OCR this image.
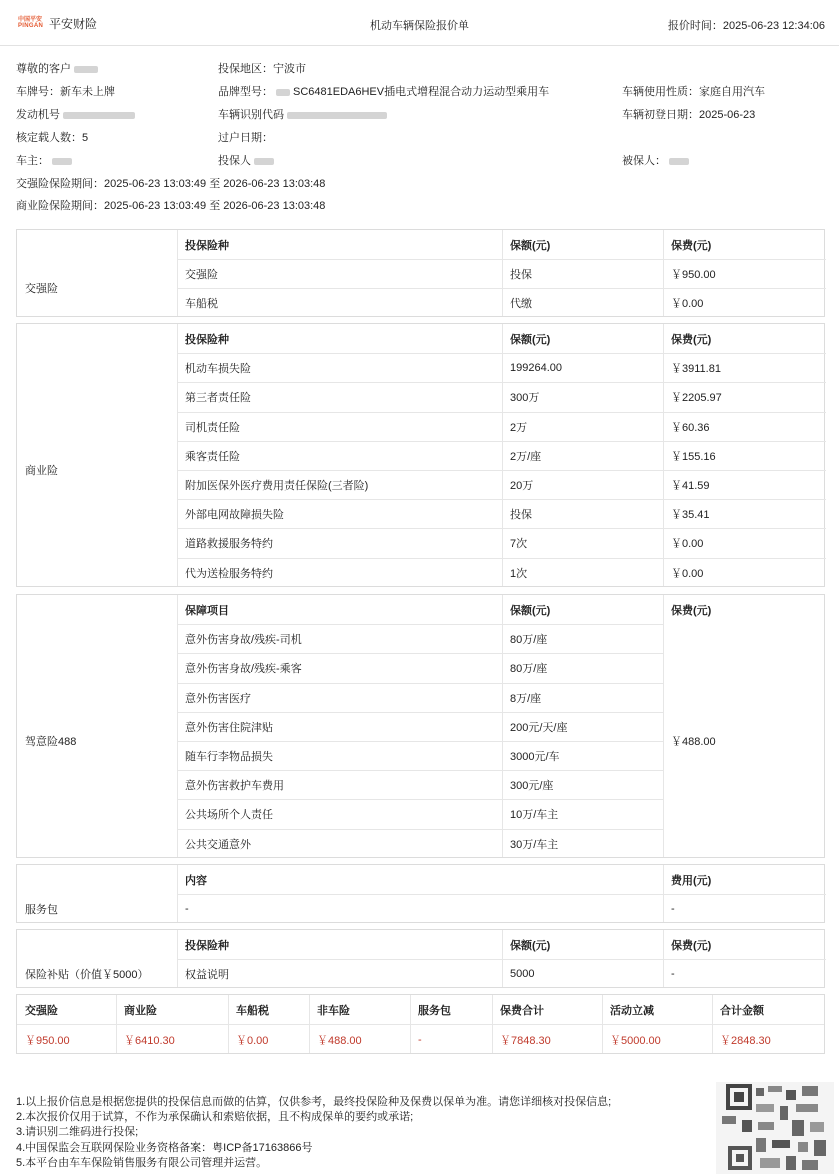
中国平安
PINGAN 平安财险	机动车辆保险报价单	报价时间：2025-06-23 12:34:06
尊敬的客户	投保地区：宁波市
车牌号：新车未上牌	品牌型号： SC6481EDA6HEV插电式增程混合动力运动型乘用车	车辆使用性质：家庭自用汽车
发动机号	车辆识别代码	车辆初登日期：2025-06-23
核定载人数：5	过户日期：
车主：	投保人	被保人：
交强险保险期间：2025-06-23 13:03:49 至 2026-06-23 13:03:48
商业险保险期间：2025-06-23 13:03:49 至 2026-06-23 13:03:48
交强险
投保险种	保额(元)	保费(元)
交强险	投保	￥950.00
车船税	代缴	￥0.00
商业险
投保险种	保额(元)	保费(元)
机动车损失险	199264.00	￥3911.81
第三者责任险	300万	￥2205.97
司机责任险	2万	￥60.36
乘客责任险	2万/座	￥155.16
附加医保外医疗费用责任保险(三者险)	20万	￥41.59
外部电网故障损失险	投保	￥35.41
道路救援服务特约	7次	￥0.00
代为送检服务特约	1次	￥0.00
驾意险488	￥488.00
保障项目	保额(元)	保费(元)
意外伤害身故/残疾-司机	80万/座
意外伤害身故/残疾-乘客	80万/座
意外伤害医疗	8万/座
意外伤害住院津贴	200元/天/座
随车行李物品损失	3000元/车
意外伤害救护车费用	300元/座
公共场所个人责任	10万/车主
公共交通意外	30万/车主
服务包
内容	费用(元)
-	-
保险补贴（价值￥5000）
投保险种	保额(元)	保费(元)
权益说明	5000	-
交强险	商业险	车船税	非车险	服务包	保费合计	活动立减	合计金额
￥950.00	￥6410.30	￥0.00	￥488.00	-	￥7848.30	￥5000.00	￥2848.30
1.以上报价信息是根据您提供的投保信息而做的估算，仅供参考，最终投保险种及保费以保单为准。请您详细核对投保信息;
2.本次报价仅用于试算，不作为承保确认和索赔依据，且不构成保单的要约或承诺;
3.请识别二维码进行投保;
4.中国保监会互联网保险业务资格备案：粤ICP备17163866号
5.本平台由车车保险销售服务有限公司管理并运营。
